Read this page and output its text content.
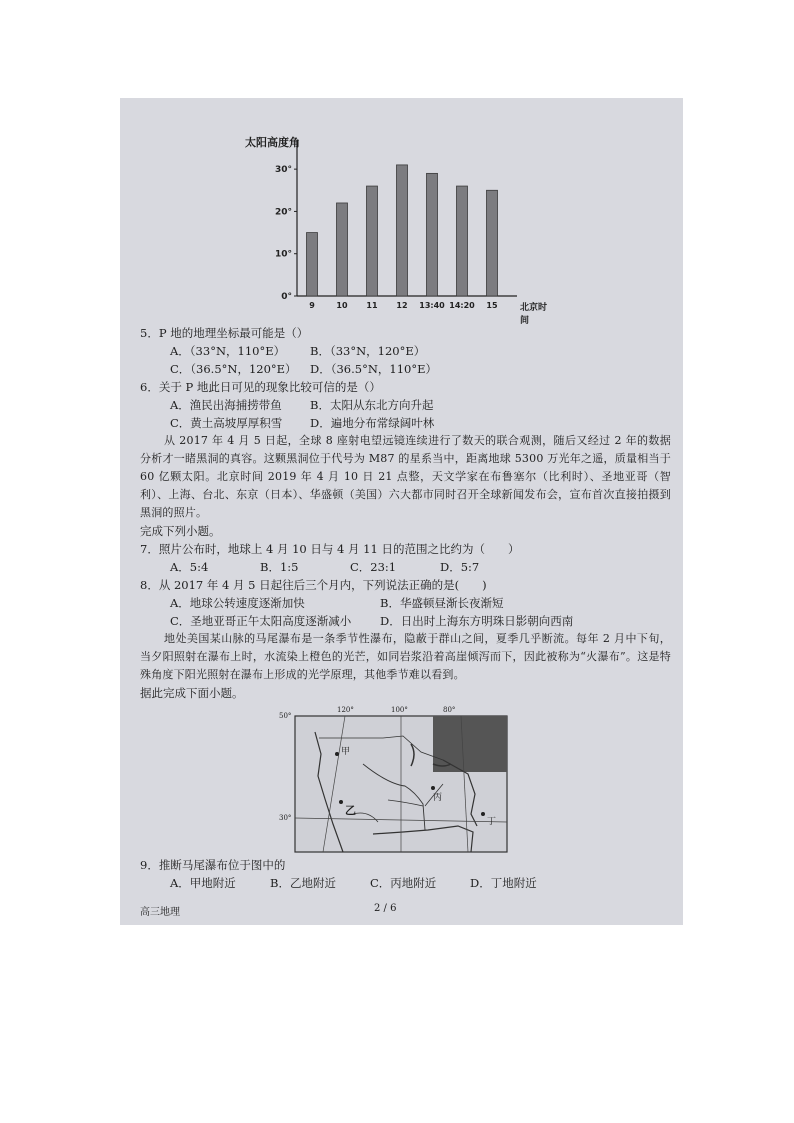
太阳高度角
北京时间
0°
10°
20°
30°
9	10 11 12 13:40 14:20 15

5．P 地的地理坐标最可能是（）

A．（33°N，110°E）	B．（33°N，120°E）
C．（36.5°N，120°E）	D．（36.5°N，110°E）

6．关于 P 地此日可见的现象比较可信的是（）

A．渔民出海捕捞带鱼	B．太阳从东北方向升起
C．黄土高坡厚厚积雪	D．遍地分布常绿阔叶林

从 2017 年 4 月 5 日起，全球 8 座射电望远镜连续进行了数天的联合观测，随后又经过 2 年的数据分析才一睹黑洞的真容。这颗黑洞位于代号为 M87 的星系当中，距离地球 5300 万光年之遥，质量相当于 60 亿颗太阳。北京时间 2019 年 4 月 10 日 21 点整，天文学家在布鲁塞尔（比利时）、圣地亚哥（智利）、上海、台北、东京（日本）、华盛顿（美国）六大都市同时召开全球新闻发布会，宣布首次直接拍摄到黑洞的照片。

完成下列小题。

7．照片公布时，地球上 4 月 10 日与 4 月 11 日的范围之比约为（　　）

A．5:4	B．1:5	C．23:1	D．5:7

8．从 2017 年 4 月 5 日起往后三个月内，下列说法正确的是(　　)

A．地球公转速度逐渐加快	B．华盛顿昼渐长夜渐短
C．圣地亚哥正午太阳高度逐渐减小	D．日出时上海东方明珠日影朝向西南

地处美国某山脉的马尾瀑布是一条季节性瀑布，隐蔽于群山之间，夏季几乎断流。每年 2 月中下旬，当夕阳照射在瀑布上时，水流染上橙色的光芒，如同岩浆沿着高崖倾泻而下，因此被称为“火瀑布”。这是特殊角度下阳光照射在瀑布上形成的光学原理，其他季节难以看到。

据此完成下面小题。

50°
30°
120°	100°	80°
甲
乙
丙
丁

9．推断马尾瀑布位于图中的

A．甲地附近	B．乙地附近	C．丙地附近	D．丁地附近
高三地理	2 / 6
